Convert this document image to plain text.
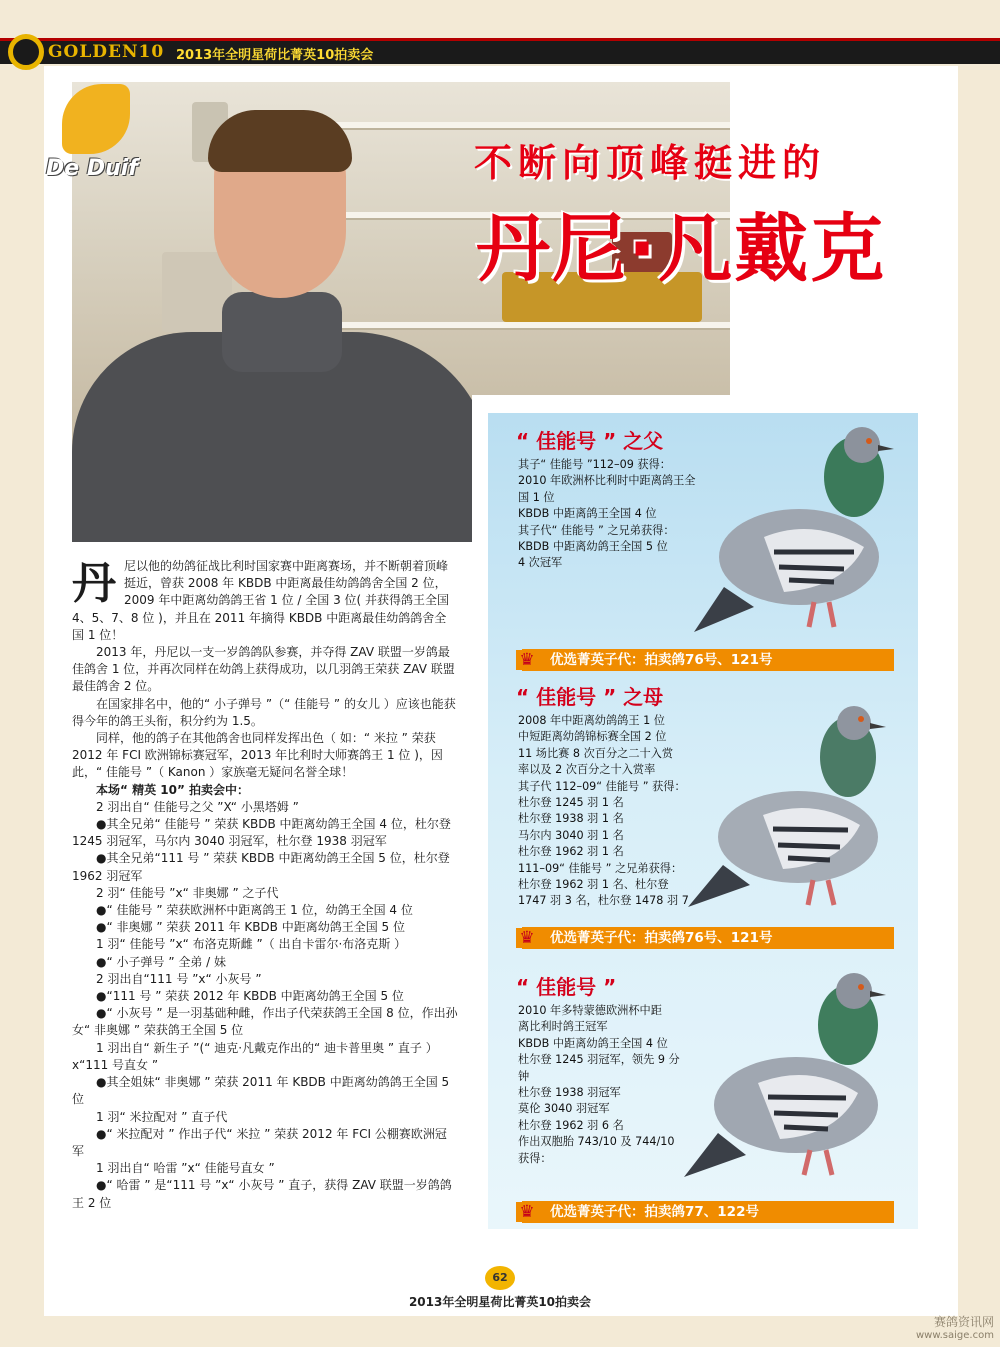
GOLDEN10 2013年全明星荷比菁英10拍卖会
De Duif	不断向顶峰挺进的
丹尼·凡戴克

丹尼以他的幼鸽征战比利时国家赛中距离赛场，并不断朝着顶峰挺近，曾获 2008 年 KBDB 中距离最佳幼鸽鸽舍全国 2 位，2009 年中距离幼鸽鸽王省 1 位 / 全国 3 位( 并获得鸽王全国 4、5、7、8 位 )，并且在 2011 年摘得 KBDB 中距离最佳幼鸽鸽舍全国 1 位！

2013 年，丹尼以一支一岁鸽鸽队参赛，并夺得 ZAV 联盟一岁鸽最佳鸽舍 1 位，并再次同样在幼鸽上获得成功，以几羽鸽王荣获 ZAV 联盟最佳鸽舍 2 位。

在国家排名中，他的“ 小子弹号 ”（“ 佳能号 ” 的女儿 ）应该也能获得今年的鸽王头衔，积分约为 1.5。

同样，他的鸽子在其他鸽舍也同样发挥出色（ 如：“ 米拉 ” 荣获 2012 年 FCI 欧洲锦标赛冠军，2013 年比利时大师赛鸽王 1 位 )，因此，“ 佳能号 ”（ Kanon ）家族毫无疑问名誉全球！

本场“ 精英 10” 拍卖会中：

2 羽出自“ 佳能号之父 ”X“ 小黑塔姆 ”

●其全兄弟“ 佳能号 ” 荣获 KBDB 中距离幼鸽王全国 4 位，杜尔登 1245 羽冠军，马尔内 3040 羽冠军，杜尔登 1938 羽冠军

●其全兄弟“111 号 ” 荣获 KBDB 中距离幼鸽王全国 5 位，杜尔登 1962 羽冠军

2 羽“ 佳能号 ”x“ 非奥娜 ” 之子代

●“ 佳能号 ” 荣获欧洲杯中距离鸽王 1 位，幼鸽王全国 4 位

●“ 非奥娜 ” 荣获 2011 年 KBDB 中距离幼鸽王全国 5 位

1 羽“ 佳能号 ”x“ 布洛克斯雌 ”（ 出自卡雷尔·布洛克斯 ）

●“ 小子弹号 ” 全弟 / 妹

2 羽出自“111 号 ”x“ 小灰号 ”

●“111 号 ” 荣获 2012 年 KBDB 中距离幼鸽王全国 5 位

●“ 小灰号 ” 是一羽基础种雌，作出子代荣获鸽王全国 8 位，作出孙女“ 非奥娜 ” 荣获鸽王全国 5 位

1 羽出自“ 新生子 ”(“ 迪克·凡戴克作出的“ 迪卡普里奥 ” 直子 ）x“111 号直女 ”

●其全姐妹“ 非奥娜 ” 荣获 2011 年 KBDB 中距离幼鸽鸽王全国 5 位

1 羽“ 米拉配对 ” 直子代

●“ 米拉配对 ” 作出子代“ 米拉 ” 荣获 2012 年 FCI 公棚赛欧洲冠军

1 羽出自“ 哈雷 ”x“ 佳能号直女 ”

●“ 哈雷 ” 是“111 号 ”x“ 小灰号 ” 直子，获得 ZAV 联盟一岁鸽鸽王 2 位

“ 佳能号 ” 之父
其子“ 佳能号 ”112–09 获得：
2010 年欧洲杯比利时中距离鸽王全
国 1 位
KBDB 中距离鸽王全国 4 位
其子代“ 佳能号 ” 之兄弟获得：
KBDB 中距离幼鸽王全国 5 位
4 次冠军
♛ 优选菁英子代：拍卖鸽76号、121号
“ 佳能号 ” 之母
2008 年中距离幼鸽鸽王 1 位
中短距离幼鸽锦标赛全国 2 位
11 场比赛 8 次百分之二十入赏
率以及 2 次百分之十入赏率
其子代 112–09“ 佳能号 ” 获得：
杜尔登 1245 羽 1 名
杜尔登 1938 羽 1 名
马尔内 3040 羽 1 名
杜尔登 1962 羽 1 名
111–09“ 佳能号 ” 之兄弟获得：
杜尔登 1962 羽 1 名、杜尔登
1747 羽 3 名，杜尔登 1478 羽 7
♛ 优选菁英子代：拍卖鸽76号、121号
“ 佳能号 ”
2010 年多特蒙德欧洲杯中距
离比利时鸽王冠军
KBDB 中距离幼鸽王全国 4 位
杜尔登 1245 羽冠军，领先 9 分
钟
杜尔登 1938 羽冠军
莫伦 3040 羽冠军
杜尔登 1962 羽 6 名
作出双胞胎 743/10 及 744/10
获得：
♛ 优选菁英子代：拍卖鸽77、122号
62
2013年全明星荷比菁英10拍卖会
赛鸽资讯网
www.saige.com
